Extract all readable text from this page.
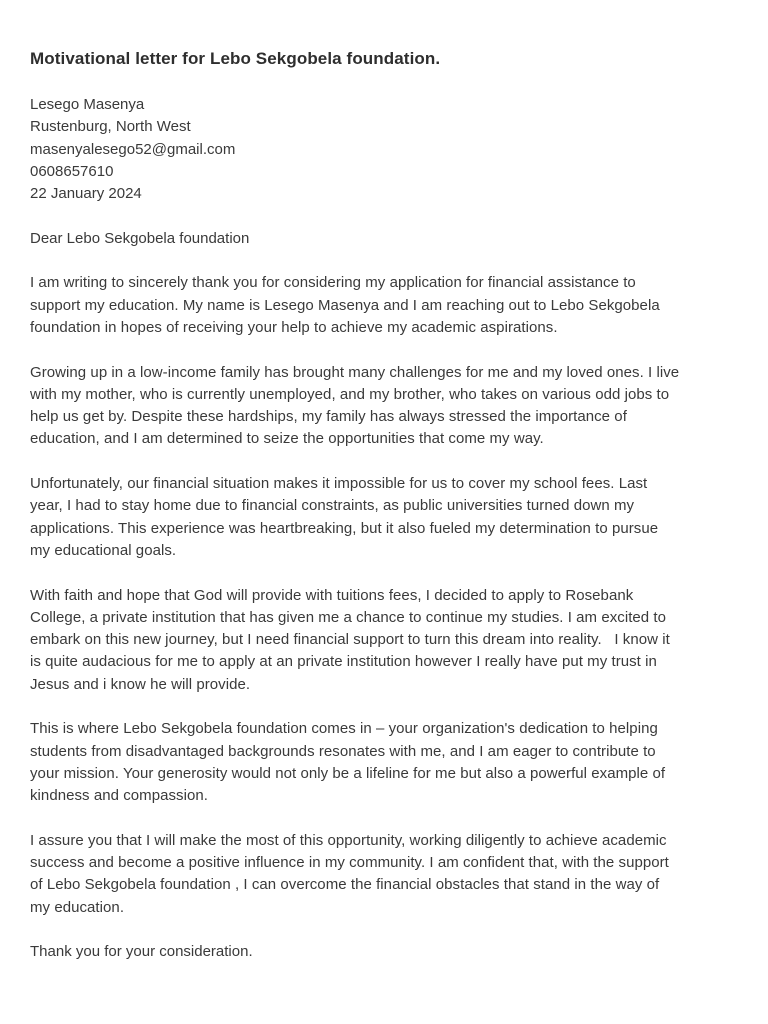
Motivational letter for Lebo Sekgobela foundation.

Lesego Masenya

Rustenburg, North West

masenyalesego52@gmail.com

0608657610

22 January 2024

Dear Lebo Sekgobela foundation

I am writing to sincerely thank you for considering my application for financial assistance to

support my education. My name is Lesego Masenya and I am reaching out to Lebo Sekgobela

foundation in hopes of receiving your help to achieve my academic aspirations.

Growing up in a low-income family has brought many challenges for me and my loved ones. I live

with my mother, who is currently unemployed, and my brother, who takes on various odd jobs to

help us get by. Despite these hardships, my family has always stressed the importance of

education, and I am determined to seize the opportunities that come my way.

Unfortunately, our financial situation makes it impossible for us to cover my school fees. Last

year, I had to stay home due to financial constraints, as public universities turned down my

applications. This experience was heartbreaking, but it also fueled my determination to pursue

my educational goals.

With faith and hope that God will provide with tuitions fees, I decided to apply to Rosebank

College, a private institution that has given me a chance to continue my studies. I am excited to

embark on this new journey, but I need financial support to turn this dream into reality.   I know it

is quite audacious for me to apply at an private institution however I really have put my trust in

Jesus and i know he will provide.

This is where Lebo Sekgobela foundation comes in – your organization's dedication to helping

students from disadvantaged backgrounds resonates with me, and I am eager to contribute to

your mission. Your generosity would not only be a lifeline for me but also a powerful example of

kindness and compassion.

I assure you that I will make the most of this opportunity, working diligently to achieve academic

success and become a positive influence in my community. I am confident that, with the support

of Lebo Sekgobela foundation , I can overcome the financial obstacles that stand in the way of

my education.

Thank you for your consideration.
